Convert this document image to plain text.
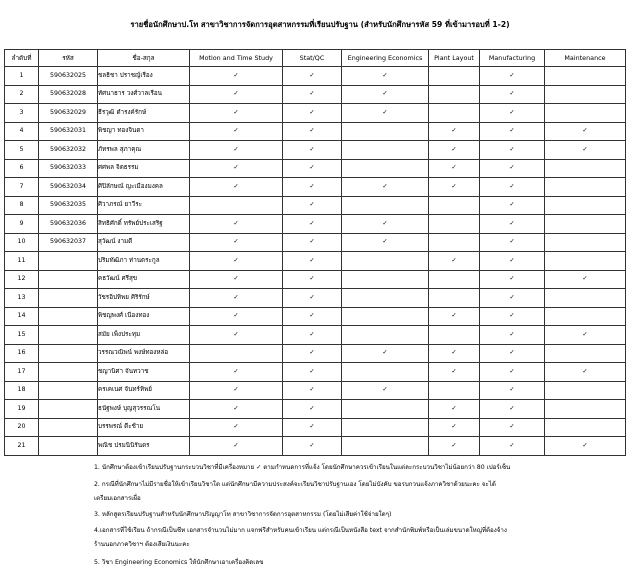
รายชื่อนักศึกษาป.โท สาขาวิชาการจัดการอุตสาหกรรมที่เรียนปรับฐาน (สำหรับนักศึกษารหัส 59 ที่เข้ามารอบที่ 1-2)
ลำดับที่	รหัส	ชื่อ-สกุล	Motion and Time Study	Stat/QC	Engineering Economics	Plant Layout	Manufacturing	Maintenance
1	590632025	ชลธิชา ปราชญ์เรือง	✓	✓	✓		✓	
2	590632028	ทัศนาธาร วงศ์วาลเรือน	✓	✓	✓		✓	
3	590632029	ธีรวุฒิ ดำรงค์รักษ์	✓	✓	✓		✓	
4	590632031	พิชญา ทองจินดา	✓	✓		✓	✓	✓
5	590632032	ภัทรพล สุภาคุณ	✓	✓		✓	✓	✓
6	590632033	ศศพล จิตธรรม	✓	✓		✓	✓	
7	590632034	ศิปิลักษณ์ ญะเมืองมงคล	✓	✓	✓	✓	✓	
8	590632035	ศิวาภรณ์ ยาวีระ		✓			✓	
9	590632036	สิทธิศักดิ์ ทรัพย์ประเสริฐ	✓	✓	✓		✓	
10	590632037	สุวัฒน์ งามดี	✓	✓	✓		✓	
11		ปริมทัฒิภา ท่านตระกูล	✓	✓		✓	✓	
12		คธวัฒน์ ศรีสุข	✓	✓			✓	✓
13		วัชรอิปทิพย ศิริรักษ์	✓	✓			✓	
14		พิชญพงศ์ เนืองทอง	✓	✓		✓	✓	
15		สมัย เพ็งประทุม	✓	✓			✓	✓
16		วรรณวณิพน์ พงษ์ทองหล่อ		✓	✓	✓	✓	
17		ชญานิศา จันทวาช	✓	✓		✓	✓	✓
18		ครเคเนศ จันทร์ทิพย์	✓	✓	✓		✓	
19		ธนัฐพงษ์ บุญสุวรรณโน	✓	✓		✓	✓	
20		บรรพรณ์ ดีะช้าย	✓	✓		✓	✓	
21		พณิช ปรมนินิรันดร	✓	✓		✓	✓	✓
1. นักศึกษาต้องเข้าเรียนปรับฐานกระบวนวิชาที่มีเครื่องหมาย ✓ ตามกำหนดการที่แจ้ง โดยนักศึกษาควรเข้าเรียนในแต่ละกระบวนวิชาไม่น้อยกว่า 80 เปอร์เซ็น
2. กรณีที่นักศึกษาไม่มีรายชื่อให้เข้าเรียนวิชาใด แต่นักศึกษามีความประสงค์จะเรียนวิชาปรับฐานเอง โดยไม่บังคับ ขอรบกวนแจ้งภาควิชาด้วยนะคะ จะได้
เตรียมเอกสารเผื่อ
3. หลักสูตรเรียนปรับฐานสำหรับนักศึกษาปริญญาโท สาขาวิชาการจัดการอุตสาหกรรม (โดยไม่เสียค่าใช้จ่ายใดๆ)
4.เอกสารที่ใช้เรียน ถ้ากรณีเป็นชีท เอกสารจำนวนไม่มาก แจกฟรีสำหรับคนเข้าเรียน แต่กรณีเป็นหนังสือ text จากสำนักพิมพ์หรือเป็นเล่มขนาดใหญ่ที่ต้องจ้าง
ร้านนอกภาควิชาฯ ต้องเสียเงินนะคะ
5. วิชา Engineering Economics ให้นักศึกษาเอาเครื่องคิดเลข
